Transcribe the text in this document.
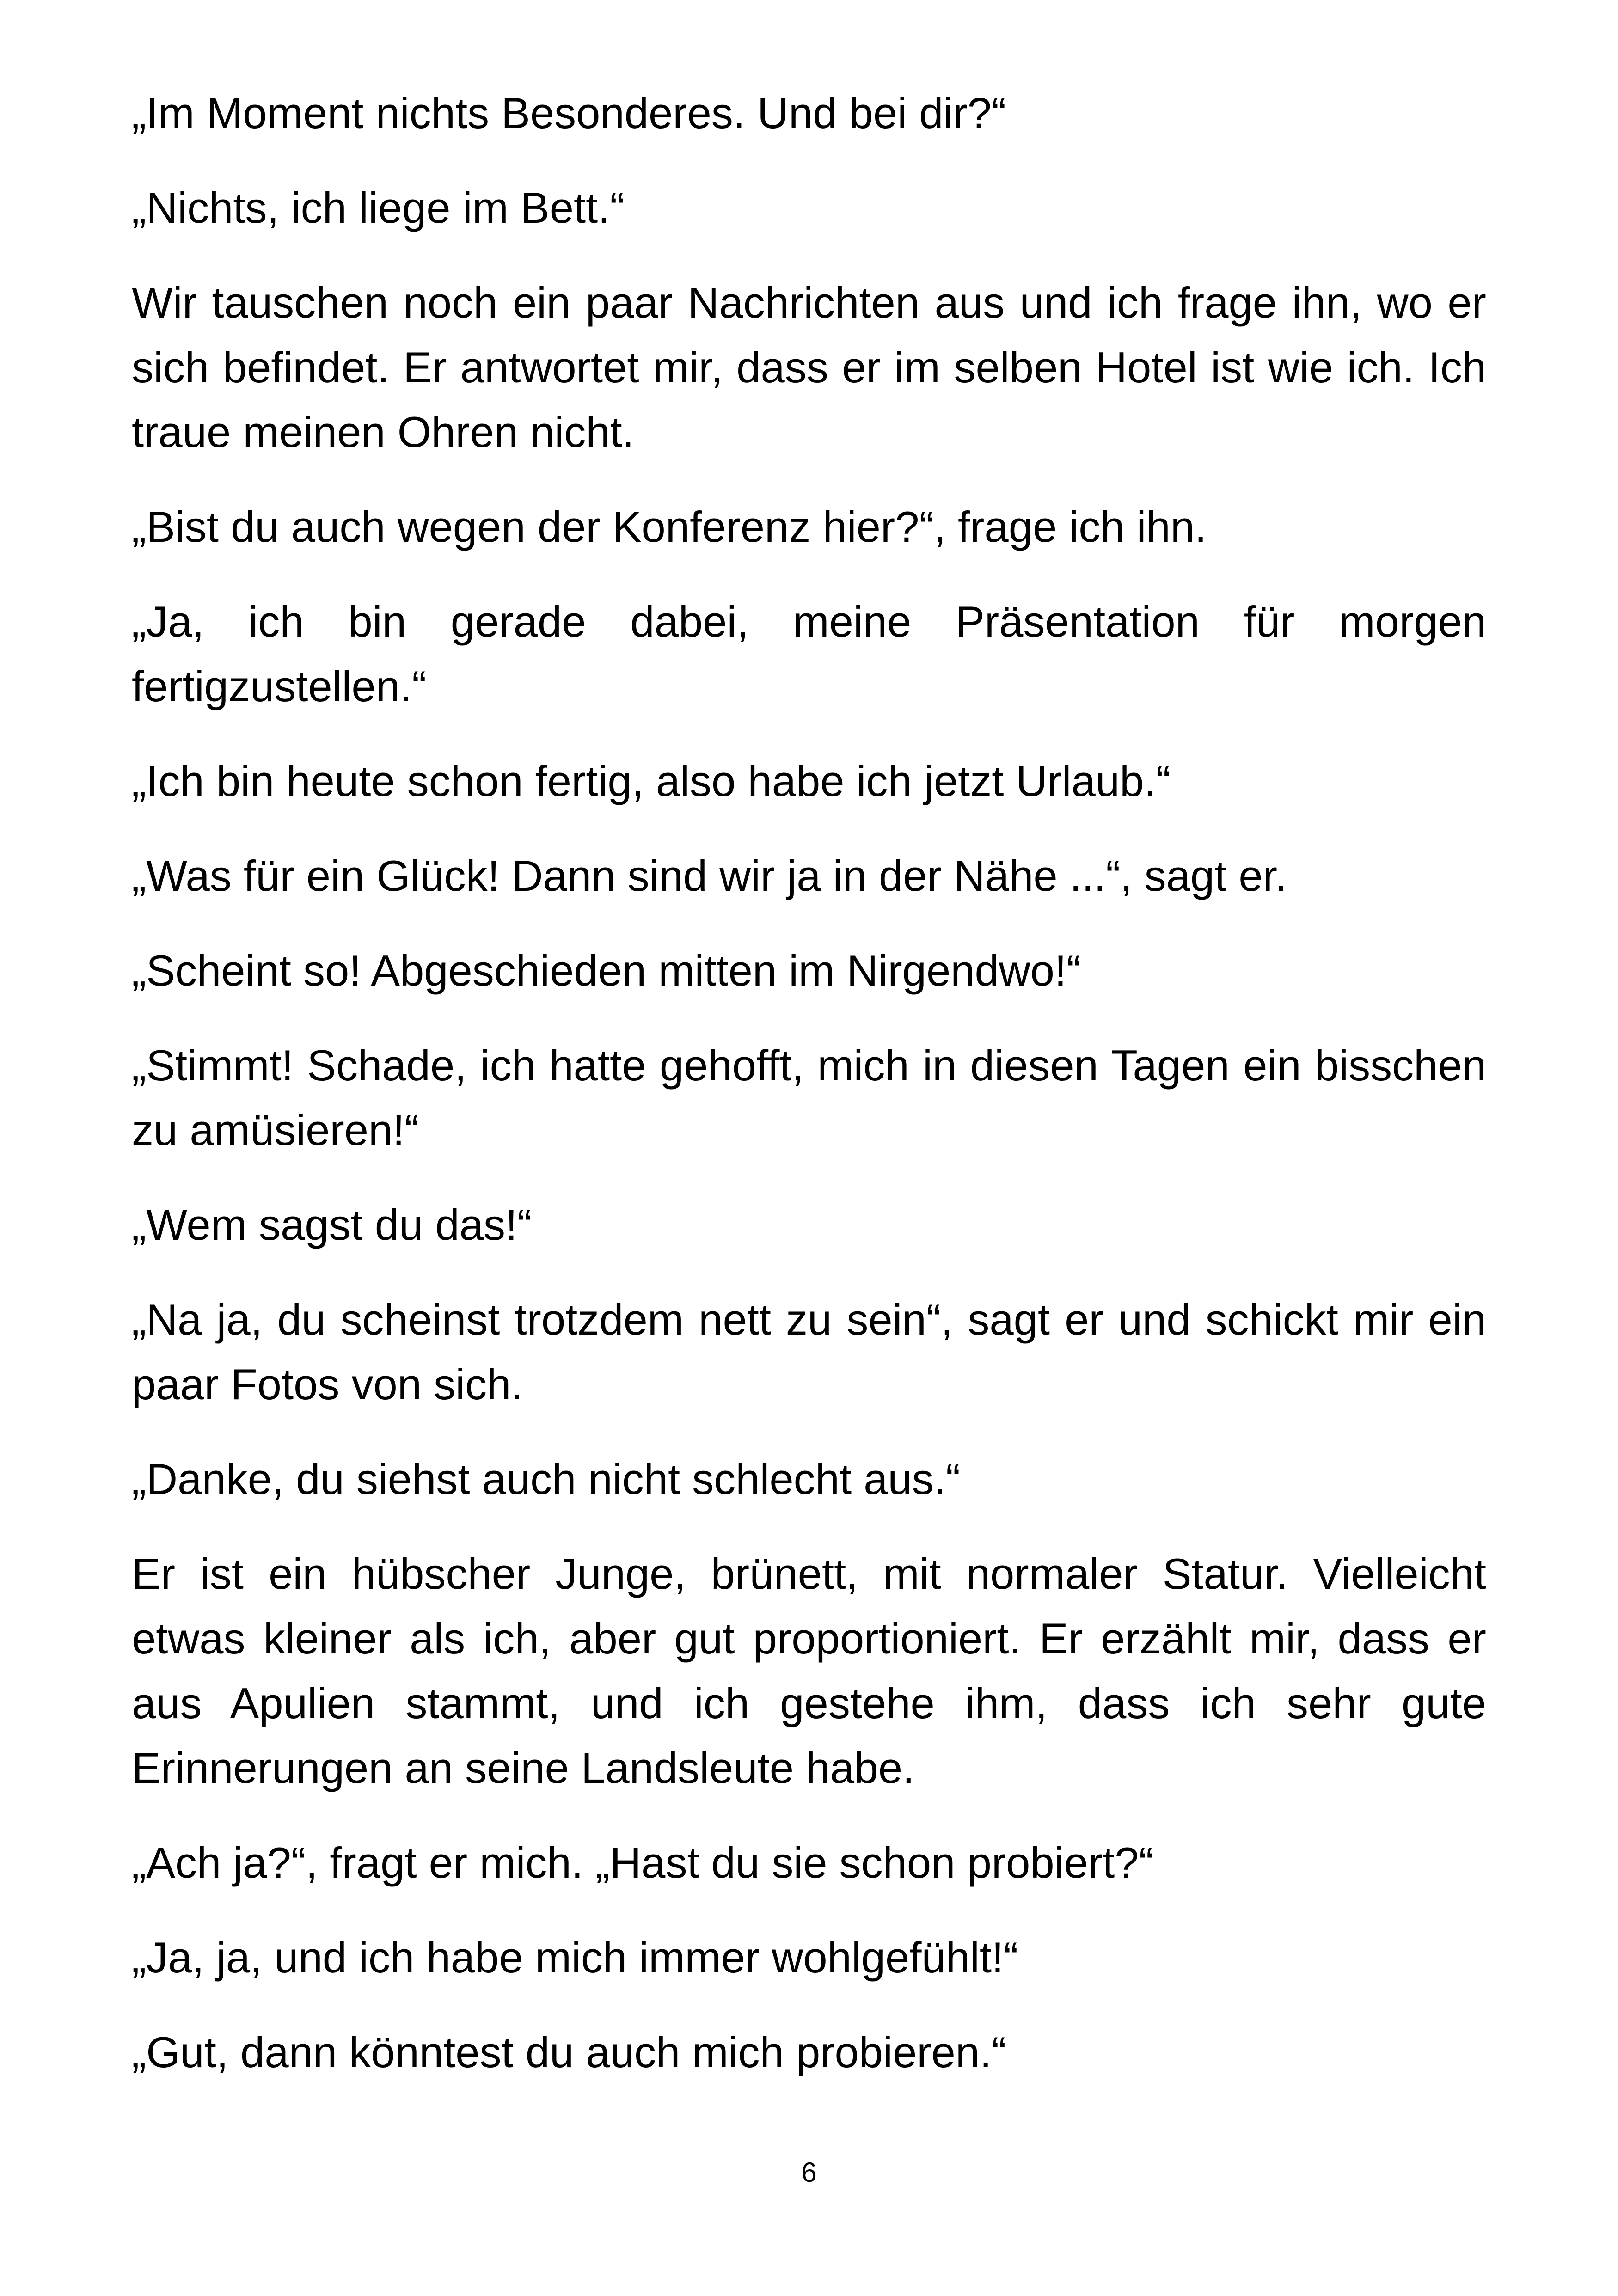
„Im Moment nichts Besonderes. Und bei dir?“

„Nichts, ich liege im Bett.“

Wir tauschen noch ein paar Nachrichten aus und ich frage ihn, wo er sich befindet. Er antwortet mir, dass er im selben Hotel ist wie ich. Ich traue meinen Ohren nicht.

„Bist du auch wegen der Konferenz hier?“, frage ich ihn.

„Ja, ich bin gerade dabei, meine Präsentation für morgen fertigzustellen.“

„Ich bin heute schon fertig, also habe ich jetzt Urlaub.“

„Was für ein Glück! Dann sind wir ja in der Nähe ...“, sagt er.

„Scheint so! Abgeschieden mitten im Nirgendwo!“

„Stimmt! Schade, ich hatte gehofft, mich in diesen Tagen ein bisschen zu amüsieren!“

„Wem sagst du das!“

„Na ja, du scheinst trotzdem nett zu sein“, sagt er und schickt mir ein paar Fotos von sich.

„Danke, du siehst auch nicht schlecht aus.“

Er ist ein hübscher Junge, brünett, mit normaler Statur. Vielleicht etwas kleiner als ich, aber gut proportioniert. Er erzählt mir, dass er aus Apulien stammt, und ich gestehe ihm, dass ich sehr gute Erinnerungen an seine Landsleute habe.

„Ach ja?“, fragt er mich. „Hast du sie schon probiert?“

„Ja, ja, und ich habe mich immer wohlgefühlt!“

„Gut, dann könntest du auch mich probieren.“

6
